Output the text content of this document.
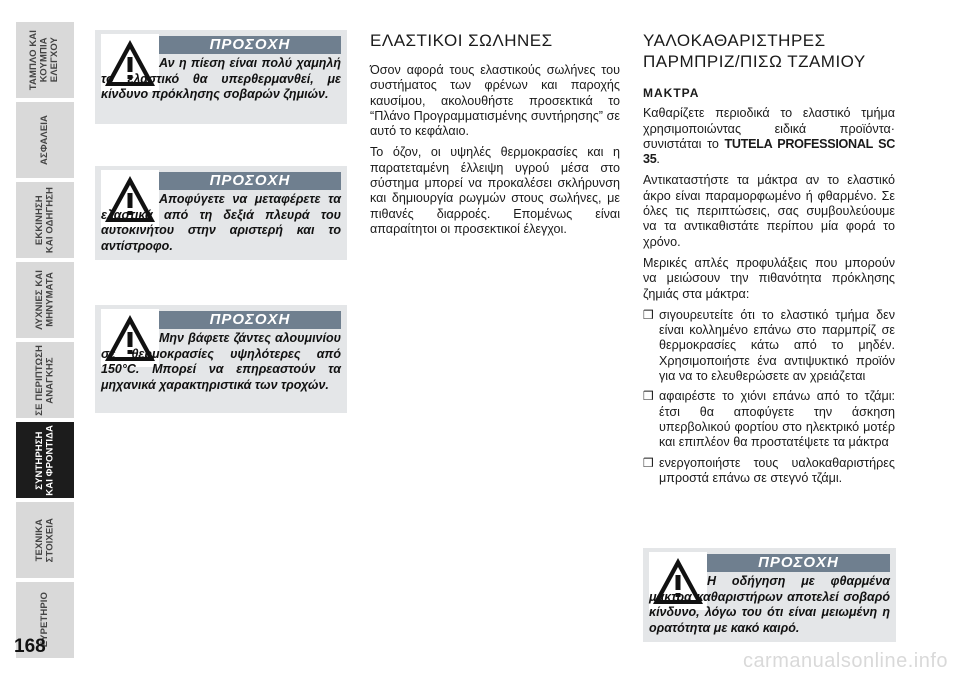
ΤΑΜΠΛΟ ΚΑΙ
ΚΟΥΜΠΙΑ
ΕΛΕΓΧΟΥ
ΑΣΦΑΛΕΙΑ
ΕΚΚΙΝΗΣΗ
ΚΑΙ ΟΔΗΓΗΣΗ
ΛΥΧΝΙΕΣ ΚΑΙ
ΜΗΝΥΜΑΤΑ
ΣΕ ΠΕΡΙΠΤΩΣΗ
ΑΝΑΓΚΗΣ
ΣΥΝΤΗΡΗΣΗ
ΚΑΙ ΦΡΟΝΤΙΔΑ
ΤΕΧΝΙΚΑ
ΣΤΟΙΧΕΙΑ
ΕΥΡΕΤΗΡΙΟ
168
ΠΡΟΣΟΧΗ
Αν η πίεση είναι πολύ χαμηλή το ελαστικό θα υπερθερμανθεί, με κίνδυνο πρόκλησης σοβαρών ζημιών.
ΠΡΟΣΟΧΗ
Αποφύγετε να μεταφέρετε τα ελαστικά από τη δεξιά πλευρά του αυτοκινήτου στην αριστερή και το αντίστροφο.
ΠΡΟΣΟΧΗ
Μην βάφετε ζάντες αλουμινίου σε θερμοκρασίες υψηλότερες από 150°C. Μπορεί να επηρεαστούν τα μηχανικά χαρακτηριστικά των τροχών.
ΕΛΑΣΤΙΚΟΙ ΣΩΛΗΝΕΣ

Όσον αφορά τους ελαστικούς σωλήνες του συστήματος των φρένων και παροχής καυσίμου, ακολουθήστε προσεκτικά το “Πλάνο Προγραμματισμένης συντήρησης” σε αυτό το κεφάλαιο.

Το όζον, οι υψηλές θερμοκρασίες και η παρατεταμένη έλλειψη υγρού μέσα στο σύστημα μπορεί να προκαλέσει σκλήρυνση και δημιουργία ρωγμών στους σωλήνες, με πιθανές διαρροές. Επομένως είναι απαραίτητοι οι προσεκτικοί έλεγχοι.

ΥΑΛΟΚΑΘΑΡΙΣΤΗΡΕΣ
ΠΑΡΜΠΡΙΖ/ΠΙΣΩ ΤΖΑΜΙΟΥ
ΜΑΚΤΡΑ

Καθαρίζετε περιοδικά το ελαστικό τμήμα χρησιμοποιώντας ειδικά προϊόντα· συνιστάται το TUTELA PROFESSIONAL SC 35.

Αντικαταστήστε τα μάκτρα αν το ελαστικό άκρο είναι παραμορφωμένο ή φθαρμένο. Σε όλες τις περιπτώσεις, σας συμβουλεύουμε να τα αντικαθιστάτε περίπου μία φορά το χρόνο.

Μερικές απλές προφυλάξεις που μπορούν να μειώσουν την πιθανότητα πρόκλησης ζημιάς στα μάκτρα:

❒ σιγουρευτείτε ότι το ελαστικό τμήμα δεν είναι κολλημένο επάνω στο παρμπρίζ σε θερμοκρασίες κάτω από το μηδέν. Χρησιμοποιήστε ένα αντιψυκτικό προϊόν για να το ελευθερώσετε αν χρειάζεται
❒ αφαιρέστε το χιόνι επάνω από το τζάμι: έτσι θα αποφύγετε την άσκηση υπερβολικού φορτίου στο ηλεκτρικό μοτέρ και επιπλέον θα προστατέψετε τα μάκτρα
❒ ενεργοποιήστε τους υαλοκαθαριστήρες μπροστά επάνω σε στεγνό τζάμι.
ΠΡΟΣΟΧΗ
Η οδήγηση με φθαρμένα μάκτρα καθαριστήρων αποτελεί σοβαρό κίνδυνο, λόγω του ότι είναι μειωμένη η ορατότητα με κακό καιρό.
carmanualsonline.info
